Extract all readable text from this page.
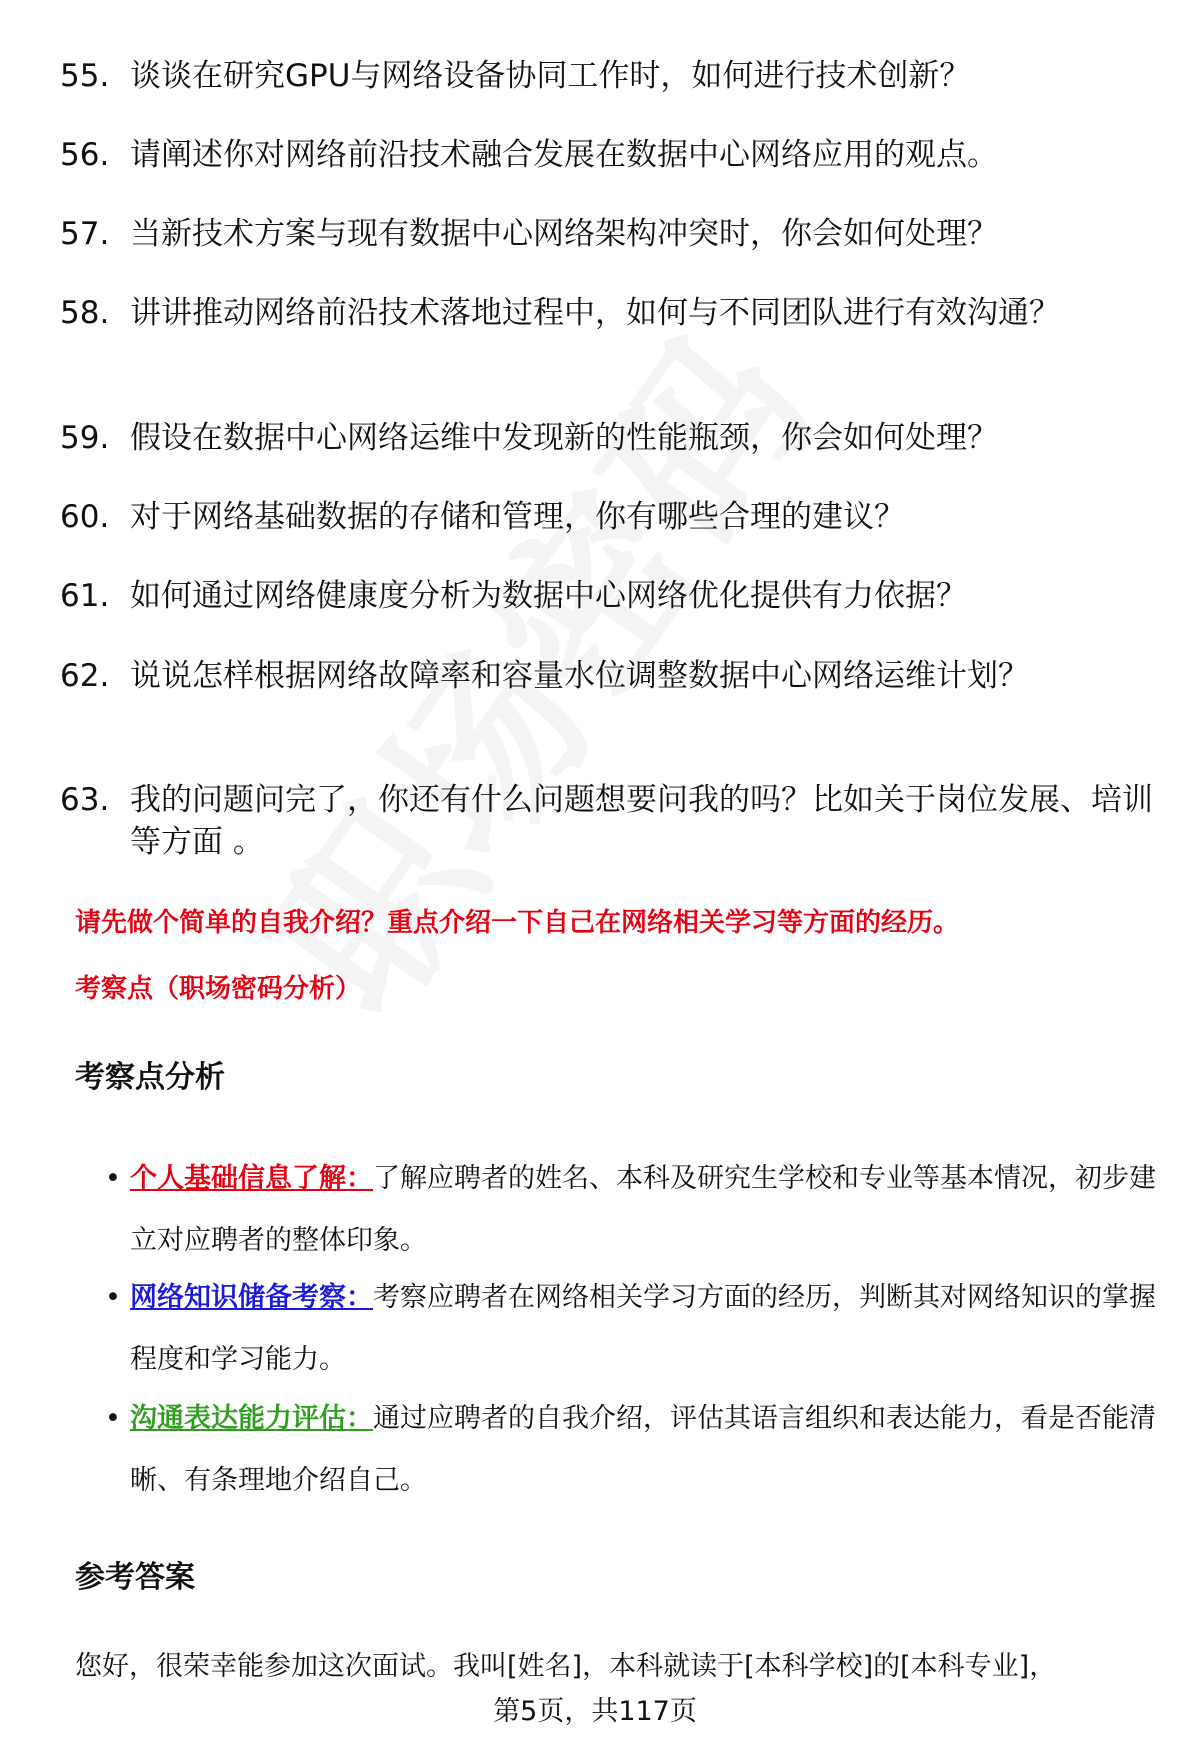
55. 谈谈在研究GPU与网络设备协同工作时，如何进行技术创新？
56. 请阐述你对网络前沿技术融合发展在数据中心网络应用的观点。
57. 当新技术方案与现有数据中心网络架构冲突时，你会如何处理？
58. 讲讲推动网络前沿技术落地过程中，如何与不同团队进行有效沟通？
59. 假设在数据中心网络运维中发现新的性能瓶颈，你会如何处理？
60. 对于网络基础数据的存储和管理，你有哪些合理的建议？
61. 如何通过网络健康度分析为数据中心网络优化提供有力依据？
62. 说说怎样根据网络故障率和容量水位调整数据中心网络运维计划？
63. 我的问题问完了，你还有什么问题想要问我的吗？比如关于岗位发展、培训等方面 。
请先做个简单的自我介绍？重点介绍一下自己在网络相关学习等方面的经历。
考察点（职场密码分析）
考察点分析
• 个人基础信息了解：了解应聘者的姓名、本科及研究生学校和专业等基本情况，初步建立对应聘者的整体印象。
• 网络知识储备考察：考察应聘者在网络相关学习方面的经历，判断其对网络知识的掌握程度和学习能力。
• 沟通表达能力评估：通过应聘者的自我介绍，评估其语言组织和表达能力，看是否能清晰、有条理地介绍自己。
参考答案
您好，很荣幸能参加这次面试。我叫[姓名]，本科就读于[本科学校]的[本科专业]，
第5页，共117页
